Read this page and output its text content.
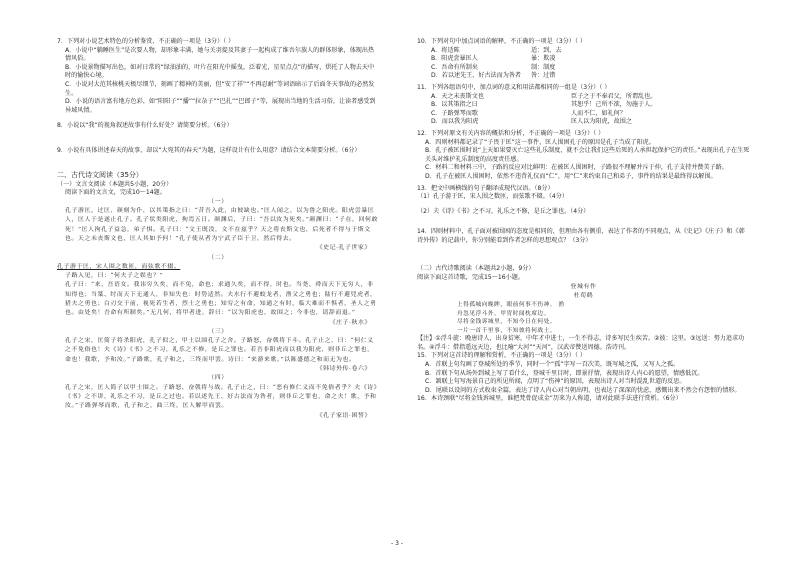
7．下列对小说艺术特色的分析鉴赏，不正确的一项是（3分）（ ）

A．小说中“躺睡医生”是次要人物，却形象丰满，她与关羽提及其妻子一起构成了维吾尔族人的群体形象，体现出热情风俗。

B．小说景物描写出色，如对日常的“绿油油的，叶片在阳光中摇曳，泛着光，星星点点”的描写，烘托了人物去天中时的愉快心境。

C．小说对大范其核桃天极尽细节，刻画了精神的美丽，但“安了祥”“不再忍耐”等词语暗示了后面冬天事故的必然发生。

D．小说的语言富有地方色彩，如“阳阳子”“播”“拉杂子”“巴扎”“巴郎子”等，展现出当地的生活习俗，让读者感受到异域风情。

8．小说以“我”的视角叙述故事有什么好处？请简要分析。（6分）

9．小说有具体讲述春天的故事，却以“大宛其的春天”为题，这样设计有什么用意？请结合文本简要分析。（6分）

二、古代诗文阅读（35分）

（一）文言文阅读（本题共5小题，20分）

阅读下面的文言文，完成10～14题。

（一）

孔子游匡，过匡，颜刻为仆，以其策指之曰：“昔吾入此，由彼缺也。”匡人闻之，以为鲁之阳虎。阳虎尝暴匡人，匡人于是遂止孔子。孔子状类阳虎，拘焉五日。颜渊后，子曰：“吾以汝为死矣。”颜渊曰：“子在，回何敢死！”匡人拘孔子益急，弟子惧。孔子曰：“文王既没，文不在兹乎？天之将丧斯文也，后死者不得与于斯文也。天之未丧斯文也，匡人其如予何！”孔子使从者为宁武子臣于卫，然后得去。

《史记·孔子世家》

（二）

孔子游于匡，宋人围之数匝，而弦歌不辍。

子路入见，曰：“何夫子之娱也？”

孔子曰：“来，吾语女。我讳穷久矣，而不免，命也；求通久矣，而不得，时也。当尧、舜而天下无穷人，非知得也；当桀、纣而天下无通人，非知失也：时势适然。夫水行不避蛟龙者，渔父之勇也；陆行不避兕虎者，猎夫之勇也；白刃交于前，视死若生者，烈士之勇也；知穷之有命，知通之有时，临大难而不惧者，圣人之勇也。由处矣！吾命有所制矣。”无几何，将甲者进，辞曰：“以为阳虎也，故围之；今非也，请辞而退。”

《庄子·秋水》

（三）

孔子之宋，匡简子将杀阳虎，孔子似之，甲士以围孔子之舍。子路怒，奋戟将下斗。孔子止之，曰：“何仁义之不免俗也！夫《诗》《书》之不习，礼乐之不修，是丘之罪也。若吾非阳虎而以我为阳虎，则非丘之罪也，命也！我歌，予和汝。”子路歌，孔子和之，三终而甲罢。诗曰：“来游来歌。”以陈盛德之和而无为也。

《韩诗外传·卷六》

（四）

孔子之宋，匡人简子以甲士围之。子路怒，奋戟将与战。孔子止之，曰：“恶有修仁义而不免俗者乎？夫《诗》《书》之不讲，礼乐之不习，是丘之过也。若以述先王、好古法而为咎者，则非丘之罪也，命之夫！歌，予和汝。”子路弹琴而歌，孔子和之，曲三终，匡人解甲而罢。

《孔子家语·困誓》

10．下列对句中加点词语的解释，不正确的一项是（3分）（ ）

A．将适陈	适：到、去
B．阳虎尝暴匡人	暴：欺凌
C．吾命有所制矣	制：制度
D．若以述先王、好古法而为咎者	咎：过错

11．下列各组语句中，加点词的意义和用法都相同的一组是（3分）（ ）

A．天之未丧斯文也	臣子之于不奉君父，所谓乱也。
B．以其策指之曰	其恕乎！己所不欲，勿施于人。
C．子路弹琴而歌	人而不仁，如礼何？
D．而以我为阳虎	匡人以为阳虎，故围之

12．下列对原文有关内容的概括和分析，不正确的一项是（3分）（ ）

A．四则材料都记录了“子畏于匡”这一事件，匡人围困孔子的原因是孔子当成了阳虎。

B．孔子被匡围时说“上天如果要灭亡这些礼乐制度，就不会让我们这些后死的人承担起保护它的责任。”表现出孔子在生死关头对维护礼乐制度的高度责任感。

C．材料二和材料三中，子路的反应对比鲜明：在被匡人围困时，子路很不理解并斥于仲，孔子支持并赞美子路。

D．孔子在被匡人围困时，依然不违背礼仪而“仁”，用“仁”来约束自己和弟子，事件的结果是最终得以解围。

13．把文中画横线的句子翻译成现代汉语。（8分）

（1）孔子游于匡，宋人围之数匝，而弦歌不辍。（4分）

（2）夫《诗》《书》之不习，礼乐之不修，是丘之罪也。（4分）

14．四则材料中，孔子面对被围困的态度是相同的，但理由各有侧重，表达了作者的不同观点，从《史记》《庄子》和《韩诗外传》的记载中，你分别能看到作者怎样的思想观点？（3分）

（二）古代诗歌阅读（本题共2小题，9分）

阅读下面这首诗歌，完成15～16小题。

登城有作

杜荀鹤

上得孤城向晚眸，眼前何事不伤神。 渔

舟忽见浮斗外，甲胄时闻枕席边。

尽将金钱诉城里，不知今日在何处。

一片一首千里事，不知彼将何战士。

【注】①浮斗旋：晚唐诗人，出身贫寒，中年才中进士，一生不得志，诗多写民生疾苦。②彼：这里。③远送：努力追求功名。④浮斗：借指遥远天边，也比喻“大河”“天河”，汉武帝赞送周德。浩诗刊。

15．下列对这首诗的理解和赏析，不正确的一项是（3分）（ ）

A．首联上句勾画了登城所处的季节，同时一个“孤”字写一百次美，既写城之孤，又写人之孤。

B．首联下句从场外到城上写了看什么，登城千里目时，即景抒情，表现出诗人内心的愿望，情感低沉。

C．颔联上句写海景自己的所见所闻，点明了“伤神”的原因，表现出诗人对当时混乱世道的反思。

D．尾联以设问的方式收束全篇，表达了诗人内心对当朝出明，也表达了深深的忧虑，感慨出来不然会有怨恨的情形。

16．本诗颈联“尽将金钱诉城里，谁把梵骨促成金”历来为人称道，请对此联手法进行赏析。（6分）

- 3 -
